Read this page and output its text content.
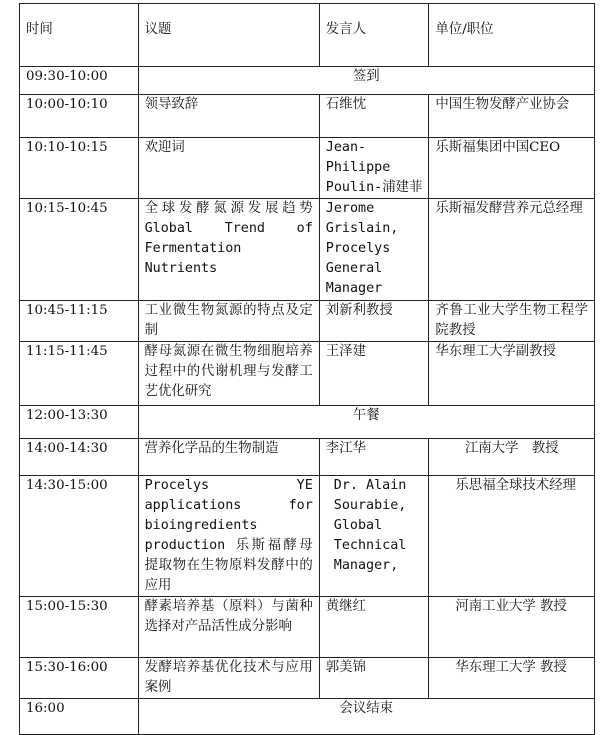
时间	议题	发言人	单位/职位
09:30-10:00	签到		
10:00-10:10	领导致辞	石维忱	中国生物发酵产业协会
10:10-10:15	欢迎词	Jean-Philippe Poulin-浦建菲	乐斯福集团中国CEO
10:15-10:45	全球发酵氮源发展趋势 Global Trend of Fermentation Nutrients	Jerome Grislain, Procelys General Manager	乐斯福发酵营养元总经理
10:45-11:15	工业微生物氮源的特点及定制	刘新利教授	齐鲁工业大学生物工程学院教授
11:15-11:45	酵母氮源在微生物细胞培养过程中的代谢机理与发酵工艺优化研究	王泽建	华东理工大学副教授
12:00-13:30	午餐		
14:00-14:30	营养化学品的生物制造	李江华	江南大学　教授
14:30-15:00	Procelys YE applications for bioingredients production 乐斯福酵母提取物在生物原料发酵中的应用	Dr. Alain Sourabie, Global Technical Manager,	乐思福全球技术经理
15:00-15:30	酵素培养基（原料）与菌种选择对产品活性成分影响	黄继红	河南工业大学 教授
15:30-16:00	发酵培养基优化技术与应用案例	郭美锦	华东理工大学 教授
16:00	会议结束		
